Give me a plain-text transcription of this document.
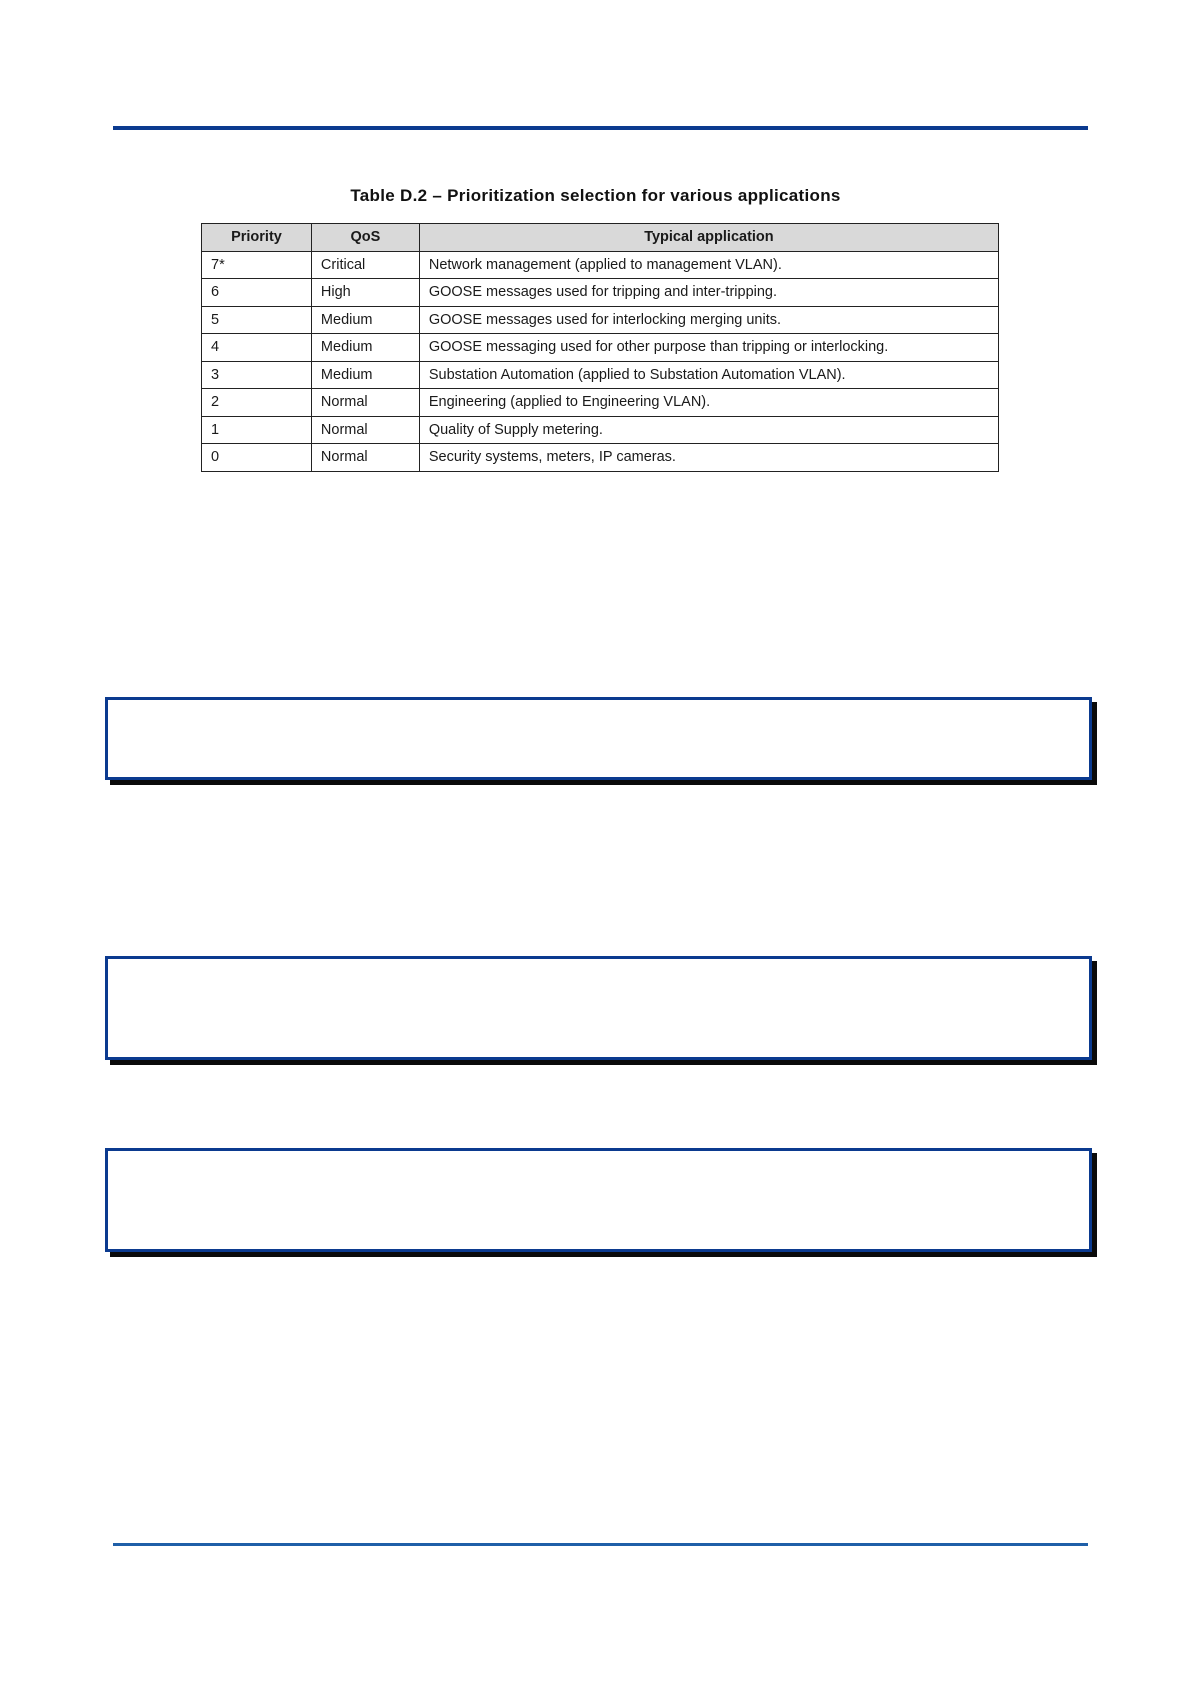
Table D.2 – Prioritization selection for various applications
Priority	QoS	Typical application
7*	Critical	Network management (applied to management VLAN).
6	High	GOOSE messages used for tripping and inter-tripping.
5	Medium	GOOSE messages used for interlocking merging units.
4	Medium	GOOSE messaging used for other purpose than tripping or interlocking.
3	Medium	Substation Automation (applied to Substation Automation VLAN).
2	Normal	Engineering (applied to Engineering VLAN).
1	Normal	Quality of Supply metering.
0	Normal	Security systems, meters, IP cameras.
